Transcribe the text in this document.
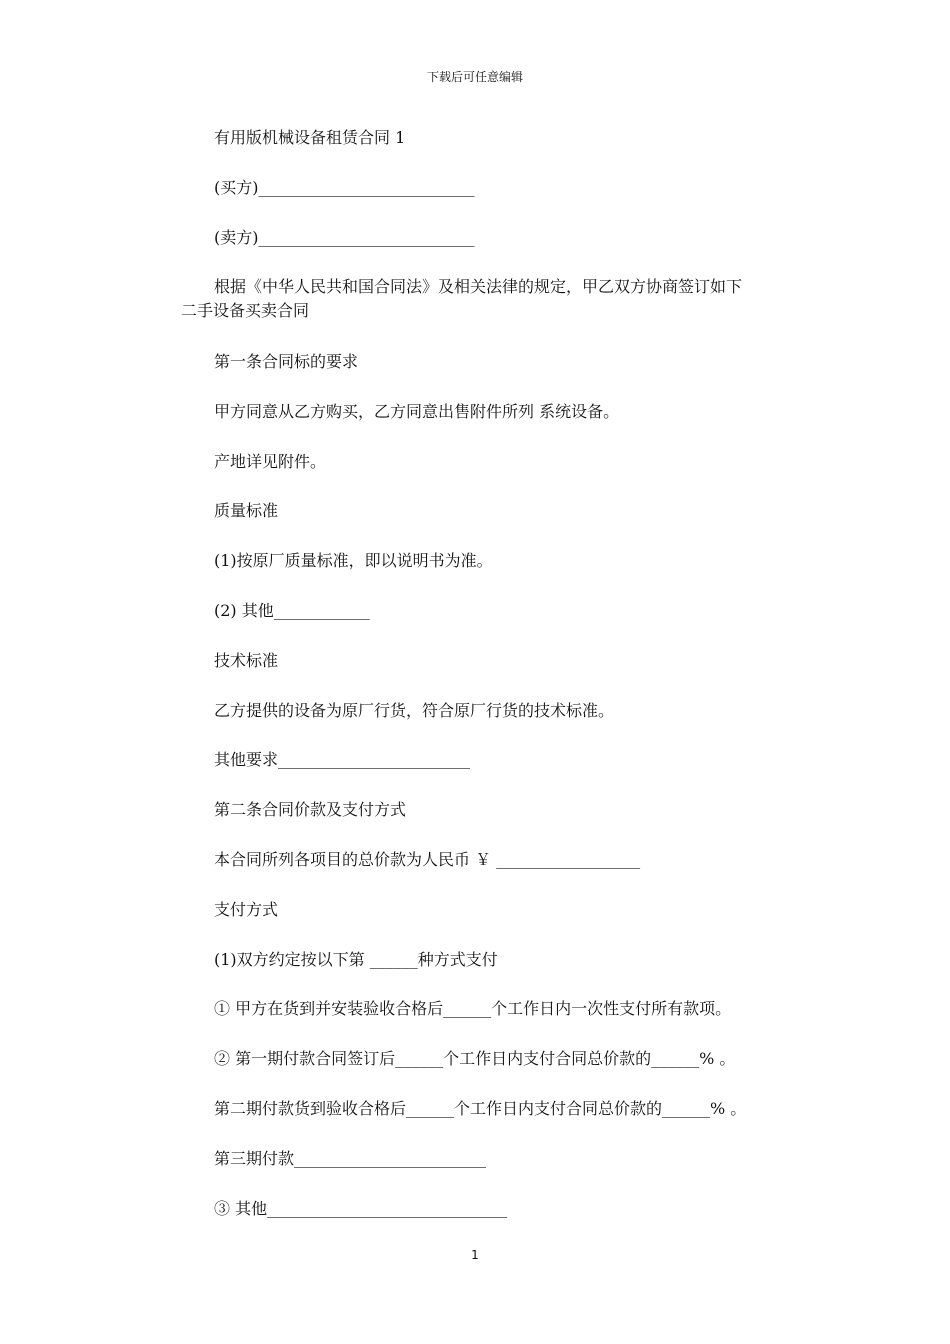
下载后可任意编辑
有用版机械设备租赁合同 1
(买方)___________________________
(卖方)___________________________
根据《中华人民共和国合同法》及相关法律的规定，甲乙双方协商签订如下
二手设备买卖合同
第一条合同标的要求
甲方同意从乙方购买，乙方同意出售附件所列 系统设备。
产地详见附件。
质量标准
(1)按原厂质量标准，即以说明书为准。
(2) 其他____________
技术标准
乙方提供的设备为原厂行货，符合原厂行货的技术标准。
其他要求________________________
第二条合同价款及支付方式
本合同所列各项目的总价款为人民币 ￥ __________________
支付方式
(1)双方约定按以下第 ______种方式支付
① 甲方在货到并安装验收合格后______个工作日内一次性支付所有款项。
② 第一期付款合同签订后______个工作日内支付合同总价款的______% 。
第二期付款货到验收合格后______个工作日内支付合同总价款的______% 。
第三期付款________________________
③ 其他______________________________
1
